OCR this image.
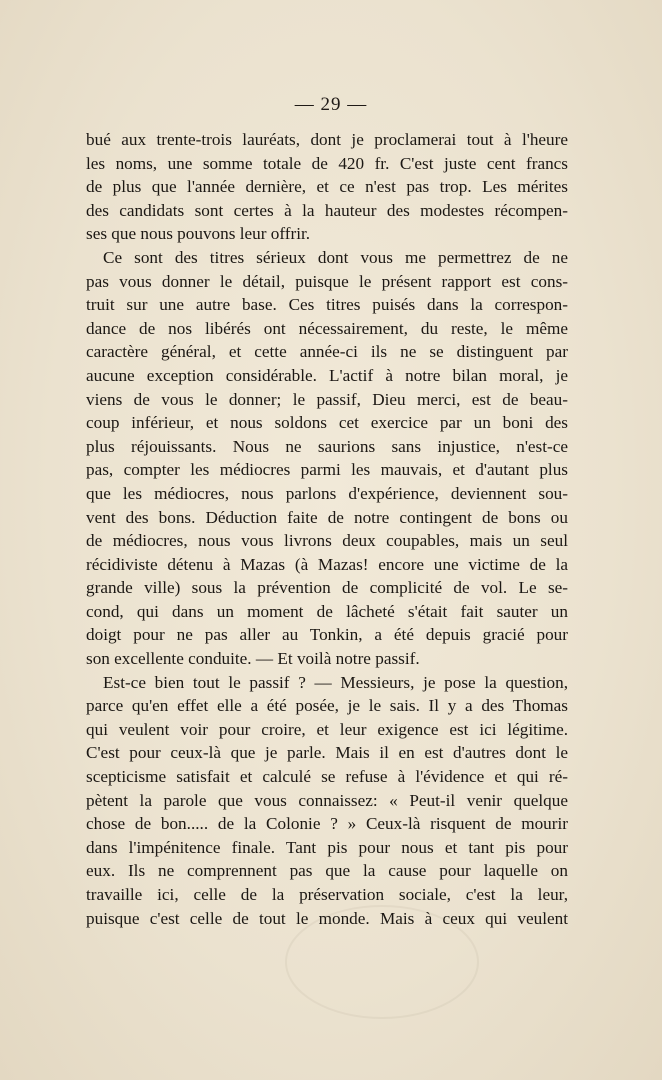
— 29 —

bué aux trente-trois lauréats, dont je proclamerai tout à l'heure
les noms, une somme totale de 420 fr. C'est juste cent francs
de plus que l'année dernière, et ce n'est pas trop. Les mérites
des candidats sont certes à la hauteur des modestes récompen-
ses que nous pouvons leur offrir.

Ce sont des titres sérieux dont vous me permettrez de ne
pas vous donner le détail, puisque le présent rapport est cons-
truit sur une autre base. Ces titres puisés dans la correspon-
dance de nos libérés ont nécessairement, du reste, le même
caractère général, et cette année-ci ils ne se distinguent par
aucune exception considérable. L'actif à notre bilan moral, je
viens de vous le donner; le passif, Dieu merci, est de beau-
coup inférieur, et nous soldons cet exercice par un boni des
plus réjouissants. Nous ne saurions sans injustice, n'est-ce
pas, compter les médiocres parmi les mauvais, et d'autant plus
que les médiocres, nous parlons d'expérience, deviennent sou-
vent des bons. Déduction faite de notre contingent de bons ou
de médiocres, nous vous livrons deux coupables, mais un seul
récidiviste détenu à Mazas (à Mazas! encore une victime de la
grande ville) sous la prévention de complicité de vol. Le se-
cond, qui dans un moment de lâcheté s'était fait sauter un
doigt pour ne pas aller au Tonkin, a été depuis gracié pour
son excellente conduite. — Et voilà notre passif.

Est-ce bien tout le passif ? — Messieurs, je pose la question,
parce qu'en effet elle a été posée, je le sais. Il y a des Thomas
qui veulent voir pour croire, et leur exigence est ici légitime.
C'est pour ceux-là que je parle. Mais il en est d'autres dont le
scepticisme satisfait et calculé se refuse à l'évidence et qui ré-
pètent la parole que vous connaissez: « Peut-il venir quelque
chose de bon..... de la Colonie ? » Ceux-là risquent de mourir
dans l'impénitence finale. Tant pis pour nous et tant pis pour
eux. Ils ne comprennent pas que la cause pour laquelle on
travaille ici, celle de la préservation sociale, c'est la leur,
puisque c'est celle de tout le monde. Mais à ceux qui veulent
